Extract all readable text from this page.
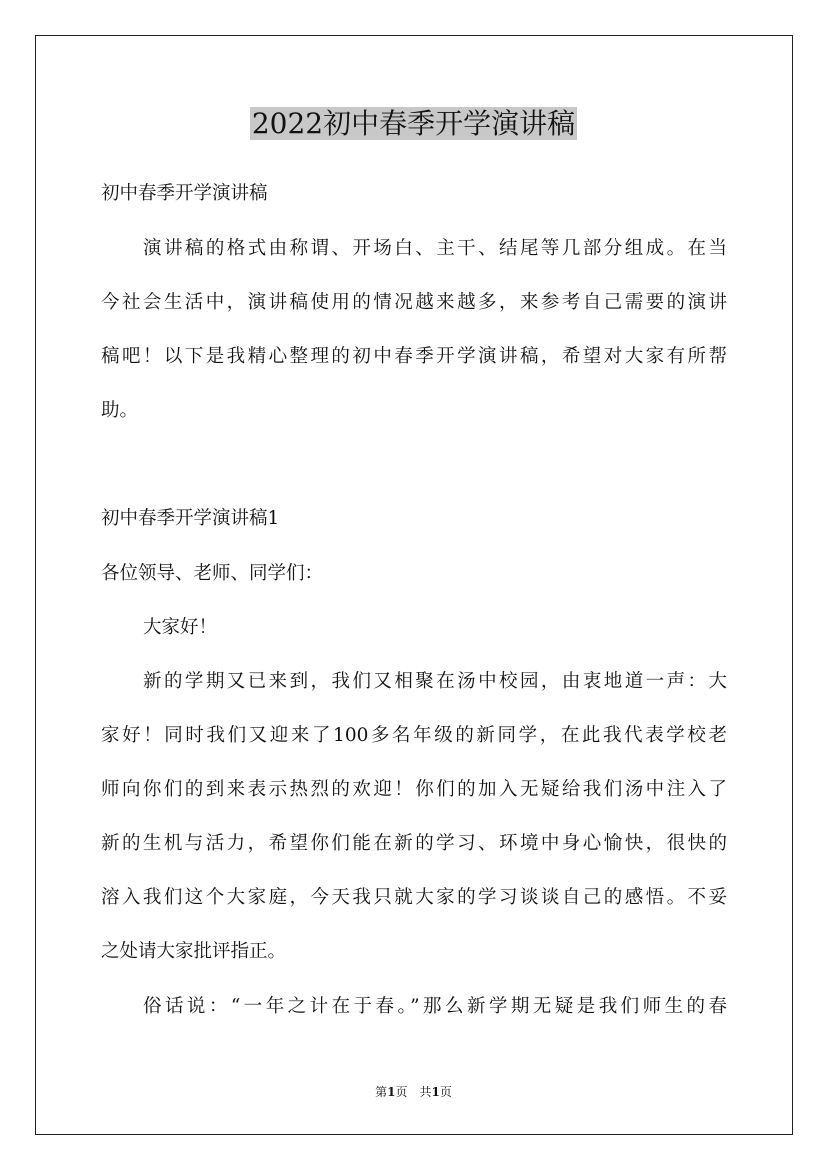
2022初中春季开学演讲稿
初中春季开学演讲稿
演讲稿的格式由称谓、开场白、主干、结尾等几部分组成。在当
今社会生活中，演讲稿使用的情况越来越多，来参考自己需要的演讲
稿吧！以下是我精心整理的初中春季开学演讲稿，希望对大家有所帮
助。
初中春季开学演讲稿1
各位领导、老师、同学们：
大家好！
新的学期又已来到，我们又相聚在汤中校园，由衷地道一声：大
家好！同时我们又迎来了100多名年级的新同学，在此我代表学校老
师向你们的到来表示热烈的欢迎！你们的加入无疑给我们汤中注入了
新的生机与活力，希望你们能在新的学习、环境中身心愉快，很快的
溶入我们这个大家庭，今天我只就大家的学习谈谈自己的感悟。不妥
之处请大家批评指正。
俗话说：“一年之计在于春。”那么新学期无疑是我们师生的春
第1页　共1页
